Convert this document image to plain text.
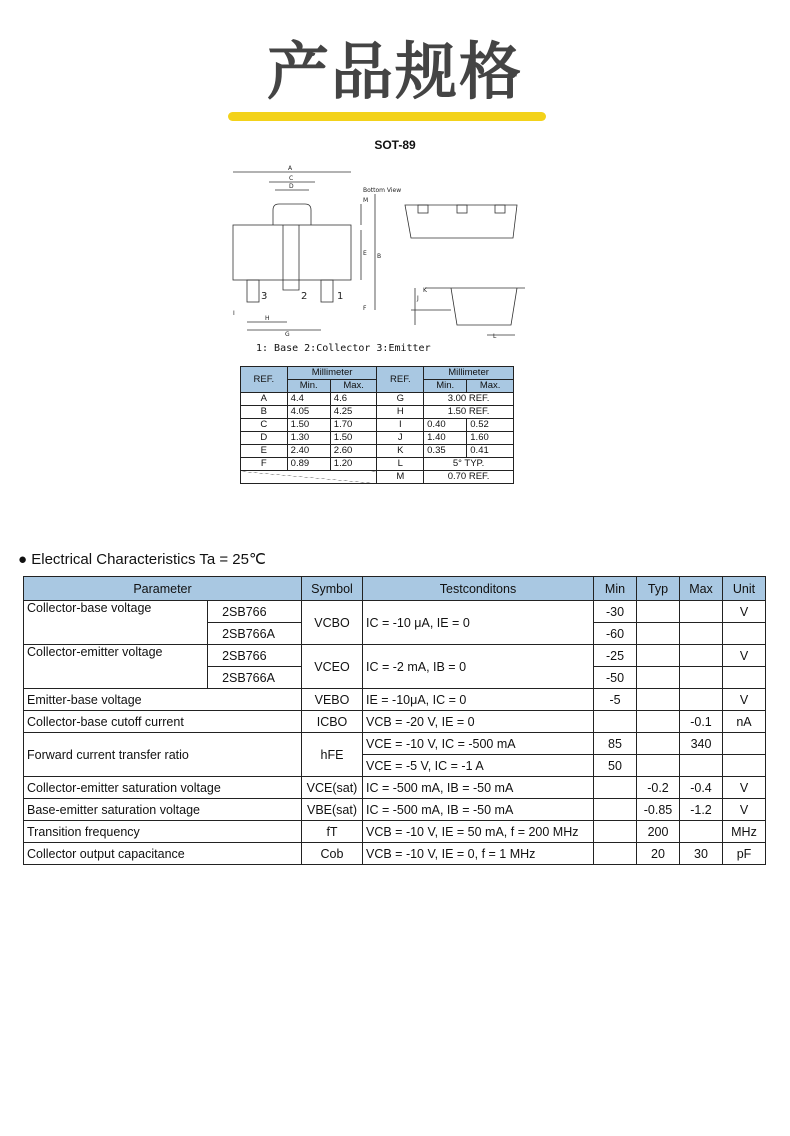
产品规格
SOT-89
Bottom View
3	2	1
A
C
D
M
E B
F
I
H
G
J
K
L
1: Base 2:Collector 3:Emitter
REF.	Millimeter		REF.	Millimeter	
	Min.	Max.		Min.	Max.
A	4.4	4.6	G	3.00 REF.	
B	4.05	4.25	H	1.50 REF.	
C	1.50	1.70	I	0.40	0.52
D	1.30	1.50	J	1.40	1.60
E	2.40	2.60	K	0.35	0.41
F	0.89	1.20	L	5° TYP.	
			M	0.70 REF.	
● Electrical Characteristics Ta = 25℃
Parameter		Symbol	Testconditons	Min	Typ	Max	Unit
Collector-base voltage	2SB766	VCBO	IC = -10 μA, IE = 0	-30			V
	2SB766A			-60			
Collector-emitter voltage	2SB766	VCEO	IC = -2 mA, IB = 0	-25			V
	2SB766A			-50			
Emitter-base voltage		VEBO	IE = -10μA, IC = 0	-5			V
Collector-base cutoff current		ICBO	VCB = -20 V, IE = 0			-0.1	nA
Forward current transfer ratio		hFE	VCE = -10 V, IC = -500 mA	85		340	
			VCE = -5 V, IC = -1 A	50			
Collector-emitter saturation voltage		VCE(sat)	IC = -500 mA, IB = -50 mA		-0.2	-0.4	V
Base-emitter saturation voltage		VBE(sat)	IC = -500 mA, IB = -50 mA		-0.85	-1.2	V
Transition frequency		fT	VCB = -10 V, IE = 50 mA, f = 200 MHz		200		MHz
Collector output capacitance		Cob	VCB = -10 V, IE = 0, f = 1 MHz		20	30	pF
